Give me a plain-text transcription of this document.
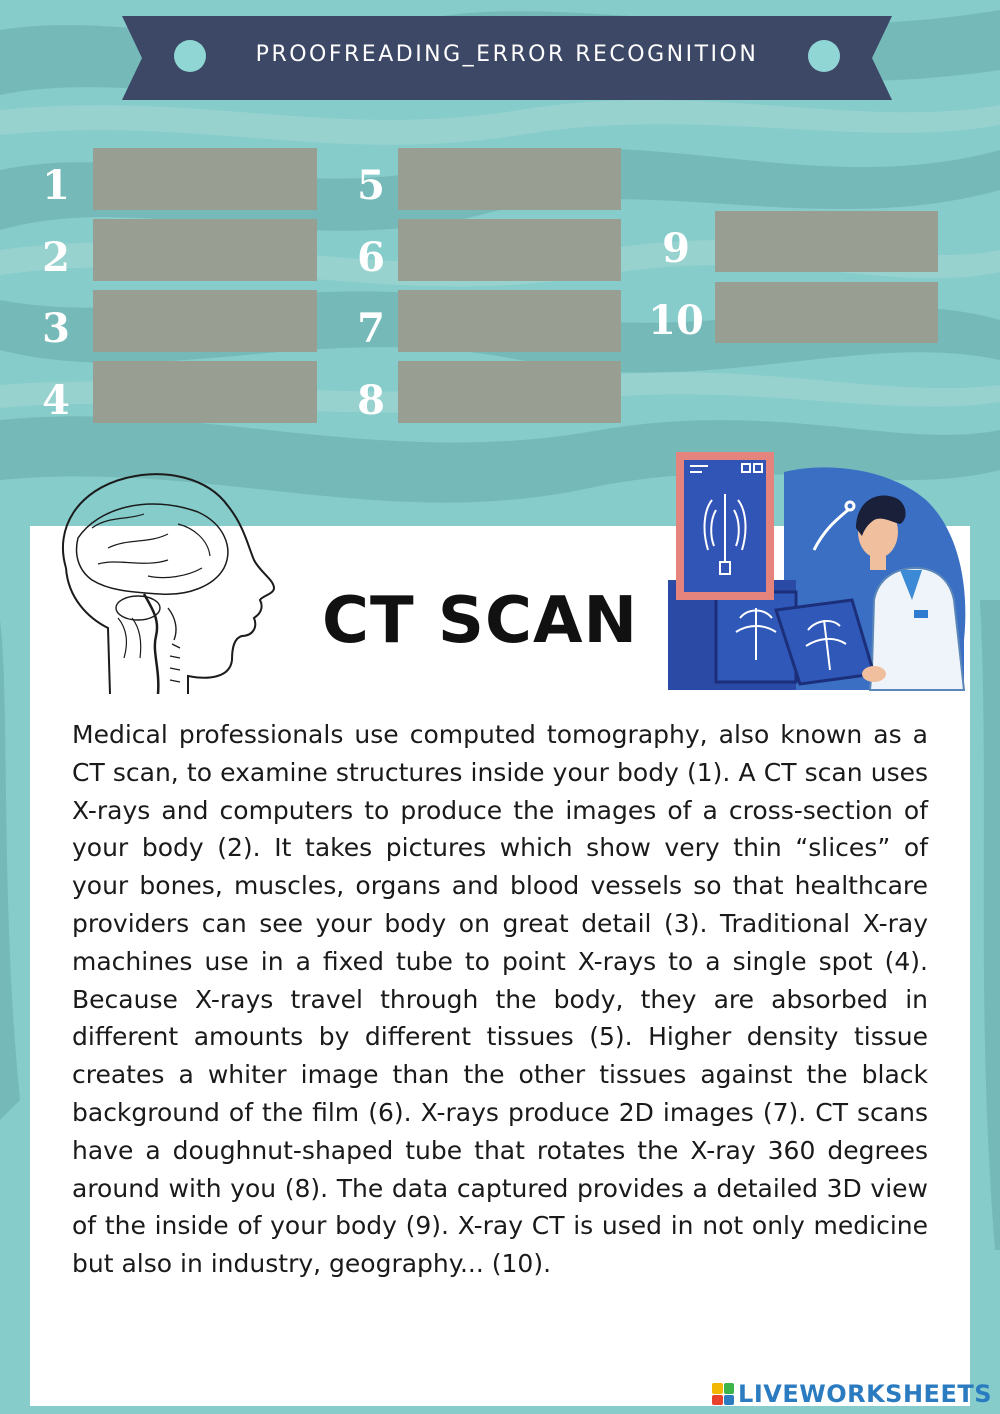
PROOFREADING_ERROR RECOGNITION
1
2
3
4
5
6
7
8
9
10
CT SCAN

Medical professionals use computed tomography, also known as a CT scan, to examine structures inside your body (1). A CT scan uses X-rays and computers to produce the images of a cross-section of your body (2). It takes pictures which show very thin “slices” of your bones, muscles, organs and blood vessels so that healthcare providers can see your body on great detail (3). Traditional X-ray machines use in a fixed tube to point X-rays to a single spot (4). Because X-rays travel through the body, they are absorbed in different amounts by different tissues (5). Higher density tissue creates a whiter image than the other tissues against the black background of the film (6). X-rays produce 2D images (7). CT scans have a doughnut-shaped tube that rotates the X-ray 360 degrees around with you (8). The data captured provides a detailed 3D view of the inside of your body (9). X-ray CT is used in not only medicine but also in industry, geography... (10).

LIVEWORKSHEETS
